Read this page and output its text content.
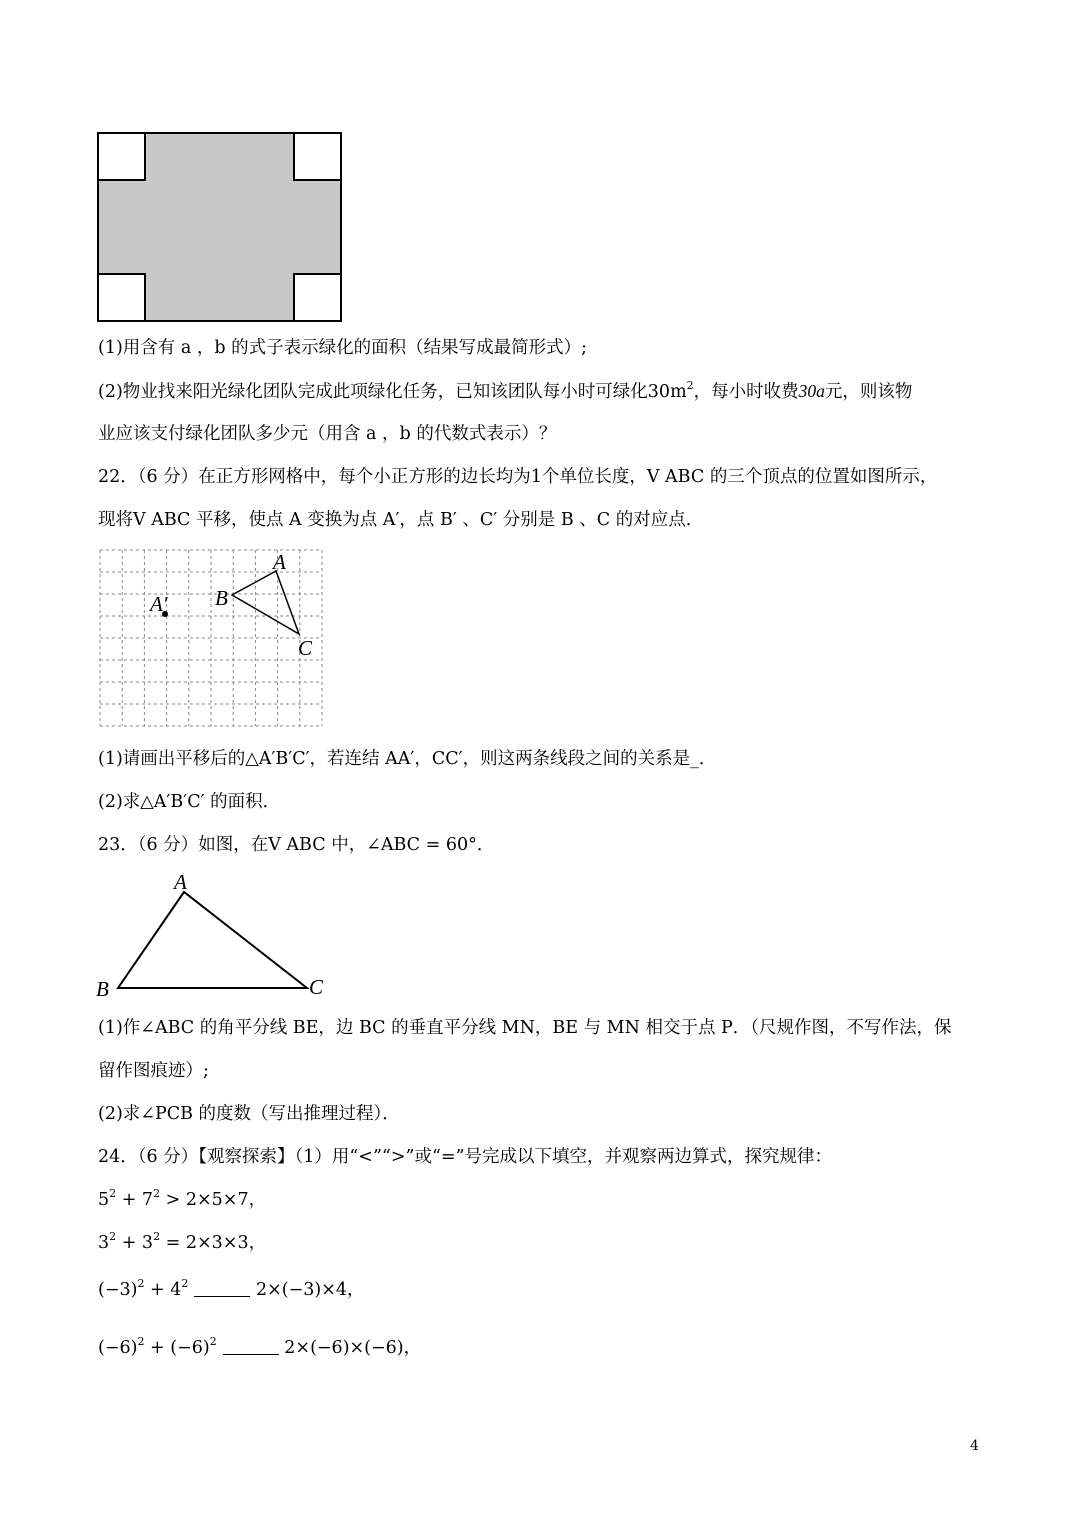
(1)用含有 a ，b 的式子表示绿化的面积（结果写成最简形式）;
(2)物业找来阳光绿化团队完成此项绿化任务，已知该团队每小时可绿化$30m^2$，每小时收费30a元，则该物
业应该支付绿化团队多少元（用含 a ，b 的代数式表示）？
22．（6 分）在正方形网格中，每个小正方形的边长均为1个单位长度，V ABC 的三个顶点的位置如图所示，
现将V ABC 平移，使点 A 变换为点 A′，点 B′ 、C′ 分别是 B 、C 的对应点．
A
B
C
A′
(1)请画出平移后的△A′B′C′，若连结 AA′，CC′，则这两条线段之间的关系是_．
(2)求△A′B′C′ 的面积．
23．（6 分）如图，在V ABC 中，∠ABC = 60°．
A
B	C
(1)作∠ABC 的角平分线 BE，边 BC 的垂直平分线 MN，BE 与 MN 相交于点 P．（尺规作图，不写作法，保
留作图痕迹）;
(2)求∠PCB 的度数（写出推理过程）．
24．（6 分）【观察探索】（1）用“<”“>”或“=”号完成以下填空，并观察两边算式，探究规律：
$5^2 + 7^2 > 2\times 5\times 7$，
$3^2 + 3^2 = 2\times 3\times 3$，
$(-3)^2 + 4^2$	2×(−3)×4，
$(-6)^2 + (-6)^2$	2×(−6)×(−6)，
4
